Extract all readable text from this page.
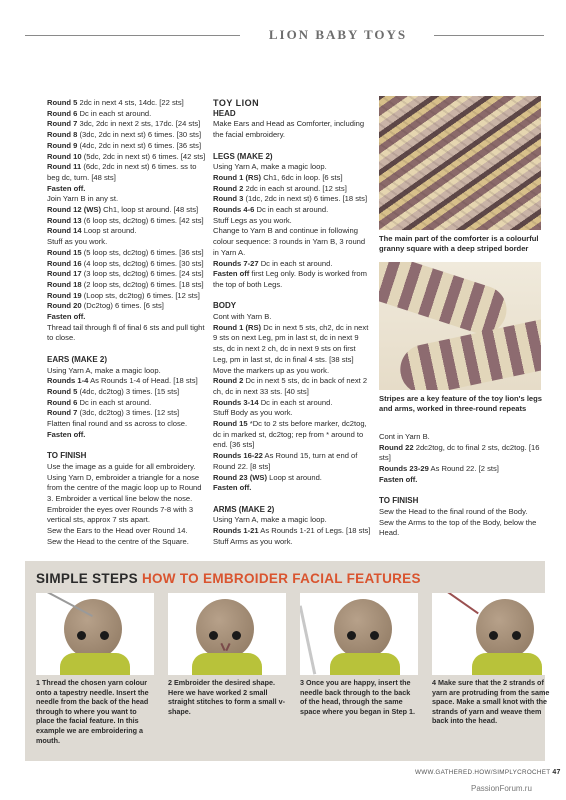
LION BABY TOYS

Round 5 2dc in next 4 sts, 14dc. [22 sts]

Round 6 Dc in each st around.

Round 7 3dc, 2dc in next 2 sts, 17dc. [24 sts]

Round 8 (3dc, 2dc in next st) 6 times. [30 sts]

Round 9 (4dc, 2dc in next st) 6 times. [36 sts]

Round 10 (5dc, 2dc in next st) 6 times. [42 sts]

Round 11 (6dc, 2dc in next st) 6 times. ss to beg dc, turn. [48 sts]

Fasten off.

Join Yarn B in any st.

Round 12 (WS) Ch1, loop st around. [48 sts]

Round 13 (6 loop sts, dc2tog) 6 times. [42 sts]

Round 14 Loop st around.

Stuff as you work.

Round 15 (5 loop sts, dc2tog) 6 times. [36 sts]

Round 16 (4 loop sts, dc2tog) 6 times. [30 sts]

Round 17 (3 loop sts, dc2tog) 6 times. [24 sts]

Round 18 (2 loop sts, dc2tog) 6 times. [18 sts]

Round 19 (Loop sts, dc2tog) 6 times. [12 sts]

Round 20 (Dc2tog) 6 times. [6 sts]

Fasten off.

Thread tail through fl of final 6 sts and pull tight to close.

EARS (MAKE 2)

Using Yarn A, make a magic loop.

Rounds 1-4 As Rounds 1-4 of Head. [18 sts]

Round 5 (4dc, dc2tog) 3 times. [15 sts]

Round 6 Dc in each st around.

Round 7 (3dc, dc2tog) 3 times. [12 sts]

Flatten final round and ss across to close.

Fasten off.

TO FINISH

Use the image as a guide for all embroidery. Using Yarn D, embroider a triangle for a nose from the centre of the magic loop up to Round 3. Embroider a vertical line below the nose. Embroider the eyes over Rounds 7-8 with 3 vertical sts, approx 7 sts apart.

Sew the Ears to the Head over Round 14.

Sew the Head to the centre of the Square.

TOY LION

HEAD

Make Ears and Head as Comforter, including the facial embroidery.

LEGS (MAKE 2)

Using Yarn A, make a magic loop.

Round 1 (RS) Ch1, 6dc in loop. [6 sts]

Round 2 2dc in each st around. [12 sts]

Round 3 (1dc, 2dc in next st) 6 times. [18 sts]

Rounds 4-6 Dc in each st around.

Stuff Legs as you work.

Change to Yarn B and continue in following colour sequence: 3 rounds in Yarn B, 3 round in Yarn A.

Rounds 7-27 Dc in each st around.

Fasten off first Leg only. Body is worked from the top of both Legs.

BODY

Cont with Yarn B.

Round 1 (RS) Dc in next 5 sts, ch2, dc in next 9 sts on next Leg, pm in last st, dc in next 9 sts, dc in next 2 ch, dc in next 9 sts on first Leg, pm in last st, dc in final 4 sts. [38 sts]

Move the markers up as you work.

Round 2 Dc in next 5 sts, dc in back of next 2 ch, dc in next 33 sts. [40 sts]

Rounds 3-14 Dc in each st around.

Stuff Body as you work.

Round 15 *Dc to 2 sts before marker, dc2tog, dc in marked st, dc2tog; rep from * around to end. [36 sts]

Rounds 16-22 As Round 15, turn at end of Round 22. [8 sts]

Round 23 (WS) Loop st around.

Fasten off.

ARMS (MAKE 2)

Using Yarn A, make a magic loop.

Rounds 1-21 As Rounds 1-21 of Legs. [18 sts]

Stuff Arms as you work.

The main part of the comforter is a colourful granny square with a deep striped border
Stripes are a key feature of the toy lion's legs and arms, worked in three-round repeats

Cont in Yarn B.

Round 22 2dc2tog, dc to final 2 sts, dc2tog. [16 sts]

Rounds 23-29 As Round 22. [2 sts]

Fasten off.

TO FINISH

Sew the Head to the final round of the Body.

Sew the Arms to the top of the Body, below the Head.

SIMPLE STEPS HOW TO EMBROIDER FACIAL FEATURES
1 Thread the chosen yarn colour onto a tapestry needle. Insert the needle from the back of the head through to where you want to place the facial feature. In this example we are embroidering a mouth.
2 Embroider the desired shape. Here we have worked 2 small straight stitches to form a small v-shape.
3 Once you are happy, insert the needle back through to the back of the head, through the same space where you began in Step 1.
4 Make sure that the 2 strands of yarn are protruding from the same space. Make a small knot with the strands of yarn and weave them back into the head.
WWW.GATHERED.HOW/SIMPLYCROCHET 47
PassionForum.ru
